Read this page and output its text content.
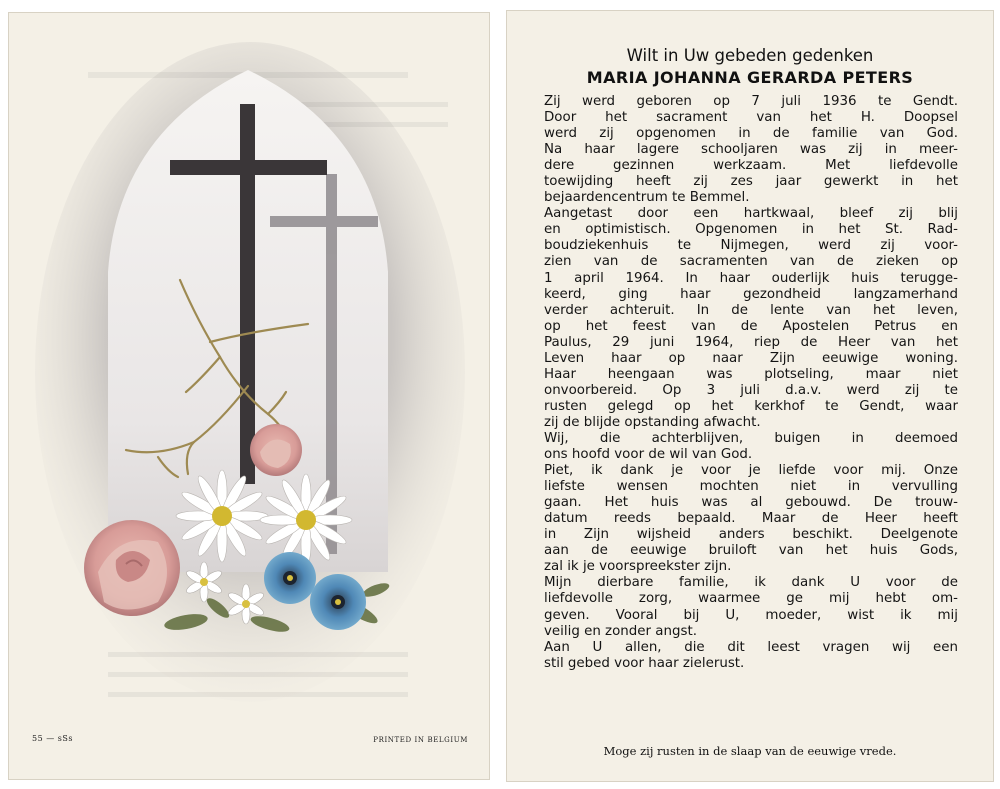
55 — sSs	PRINTED IN BELGIUM
Wilt in Uw gebeden gedenken
MARIA JOHANNA GERARDA PETERS
Zij werd geboren op 7 juli 1936 te Gendt.
Door het sacrament van het H. Doopsel
werd zij opgenomen in de familie van God.
Na haar lagere schooljaren was zij in meer-
dere gezinnen werkzaam. Met liefdevolle
toewijding heeft zij zes jaar gewerkt in het
bejaardencentrum te Bemmel.
Aangetast door een hartkwaal, bleef zij blij
en optimistisch. Opgenomen in het St. Rad-
boudziekenhuis te Nijmegen, werd zij voor-
zien van de sacramenten van de zieken op
1 april 1964. In haar ouderlijk huis terugge-
keerd, ging haar gezondheid langzamerhand
verder achteruit. In de lente van het leven,
op het feest van de Apostelen Petrus en
Paulus, 29 juni 1964, riep de Heer van het
Leven haar op naar Zijn eeuwige woning.
Haar heengaan was plotseling, maar niet
onvoorbereid. Op 3 juli d.a.v. werd zij te
rusten gelegd op het kerkhof te Gendt, waar
zij de blijde opstanding afwacht.
Wij, die achterblijven, buigen in deemoed
ons hoofd voor de wil van God.
Piet, ik dank je voor je liefde voor mij. Onze
liefste wensen mochten niet in vervulling
gaan. Het huis was al gebouwd. De trouw-
datum reeds bepaald. Maar de Heer heeft
in Zijn wijsheid anders beschikt. Deelgenote
aan de eeuwige bruiloft van het huis Gods,
zal ik je voorspreekster zijn.
Mijn dierbare familie, ik dank U voor de
liefdevolle zorg, waarmee ge mij hebt om-
geven. Vooral bij U, moeder, wist ik mij
veilig en zonder angst.
Aan U allen, die dit leest vragen wij een
stil gebed voor haar zielerust.
Moge zij rusten in de slaap van de eeuwige vrede.
